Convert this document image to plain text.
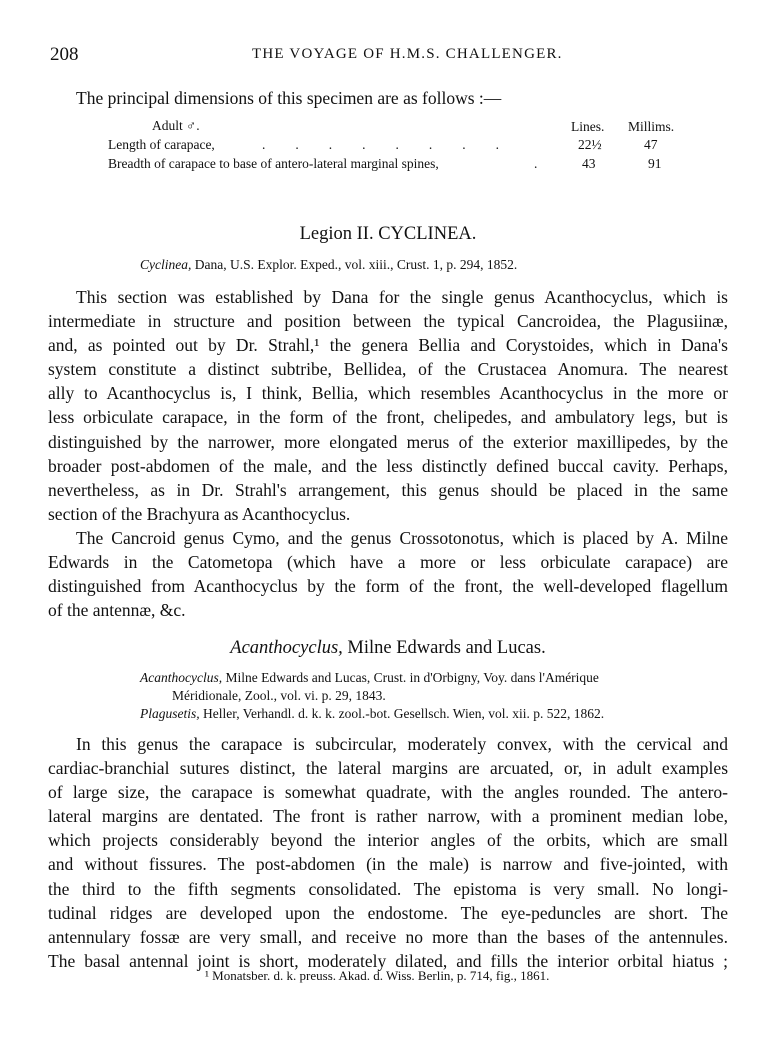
208	THE VOYAGE OF H.M.S. CHALLENGER.
The principal dimensions of this specimen are as follows :—
Adult ♂.	Lines. Millims.
Length of carapace,	........	22½	47
Breadth of carapace to base of antero-lateral marginal spines,	.	43	91
Legion II. CYCLINEA.
Cyclinea, Dana, U.S. Explor. Exped., vol. xiii., Crust. 1, p. 294, 1852.
This section was established by Dana for the single genus Acanthocyclus, which is
intermediate in structure and position between the typical Cancroidea, the Plagusiinæ,
and, as pointed out by Dr. Strahl,¹ the genera Bellia and Corystoides, which in Dana's
system constitute a distinct subtribe, Bellidea, of the Crustacea Anomura. The nearest
ally to Acanthocyclus is, I think, Bellia, which resembles Acanthocyclus in the more or
less orbiculate carapace, in the form of the front, chelipedes, and ambulatory legs, but is
distinguished by the narrower, more elongated merus of the exterior maxillipedes, by the
broader post-abdomen of the male, and the less distinctly defined buccal cavity. Perhaps,
nevertheless, as in Dr. Strahl's arrangement, this genus should be placed in the same
section of the Brachyura as Acanthocyclus.
The Cancroid genus Cymo, and the genus Crossotonotus, which is placed by A. Milne
Edwards in the Catometopa (which have a more or less orbiculate carapace) are
distinguished from Acanthocyclus by the form of the front, the well-developed flagellum
of the antennæ, &c.
Acanthocyclus, Milne Edwards and Lucas.
Acanthocyclus, Milne Edwards and Lucas, Crust. in d'Orbigny, Voy. dans l'Amérique
Méridionale, Zool., vol. vi. p. 29, 1843.
Plagusetis, Heller, Verhandl. d. k. k. zool.-bot. Gesellsch. Wien, vol. xii. p. 522, 1862.
In this genus the carapace is subcircular, moderately convex, with the cervical and
cardiac-branchial sutures distinct, the lateral margins are arcuated, or, in adult examples
of large size, the carapace is somewhat quadrate, with the angles rounded. The antero-
lateral margins are dentated. The front is rather narrow, with a prominent median lobe,
which projects considerably beyond the interior angles of the orbits, which are small
and without fissures. The post-abdomen (in the male) is narrow and five-jointed, with
the third to the fifth segments consolidated. The epistoma is very small. No longi-
tudinal ridges are developed upon the endostome. The eye-peduncles are short. The
antennulary fossæ are very small, and receive no more than the bases of the antennules.
The basal antennal joint is short, moderately dilated, and fills the interior orbital hiatus ;
¹ Monatsber. d. k. preuss. Akad. d. Wiss. Berlin, p. 714, fig., 1861.
